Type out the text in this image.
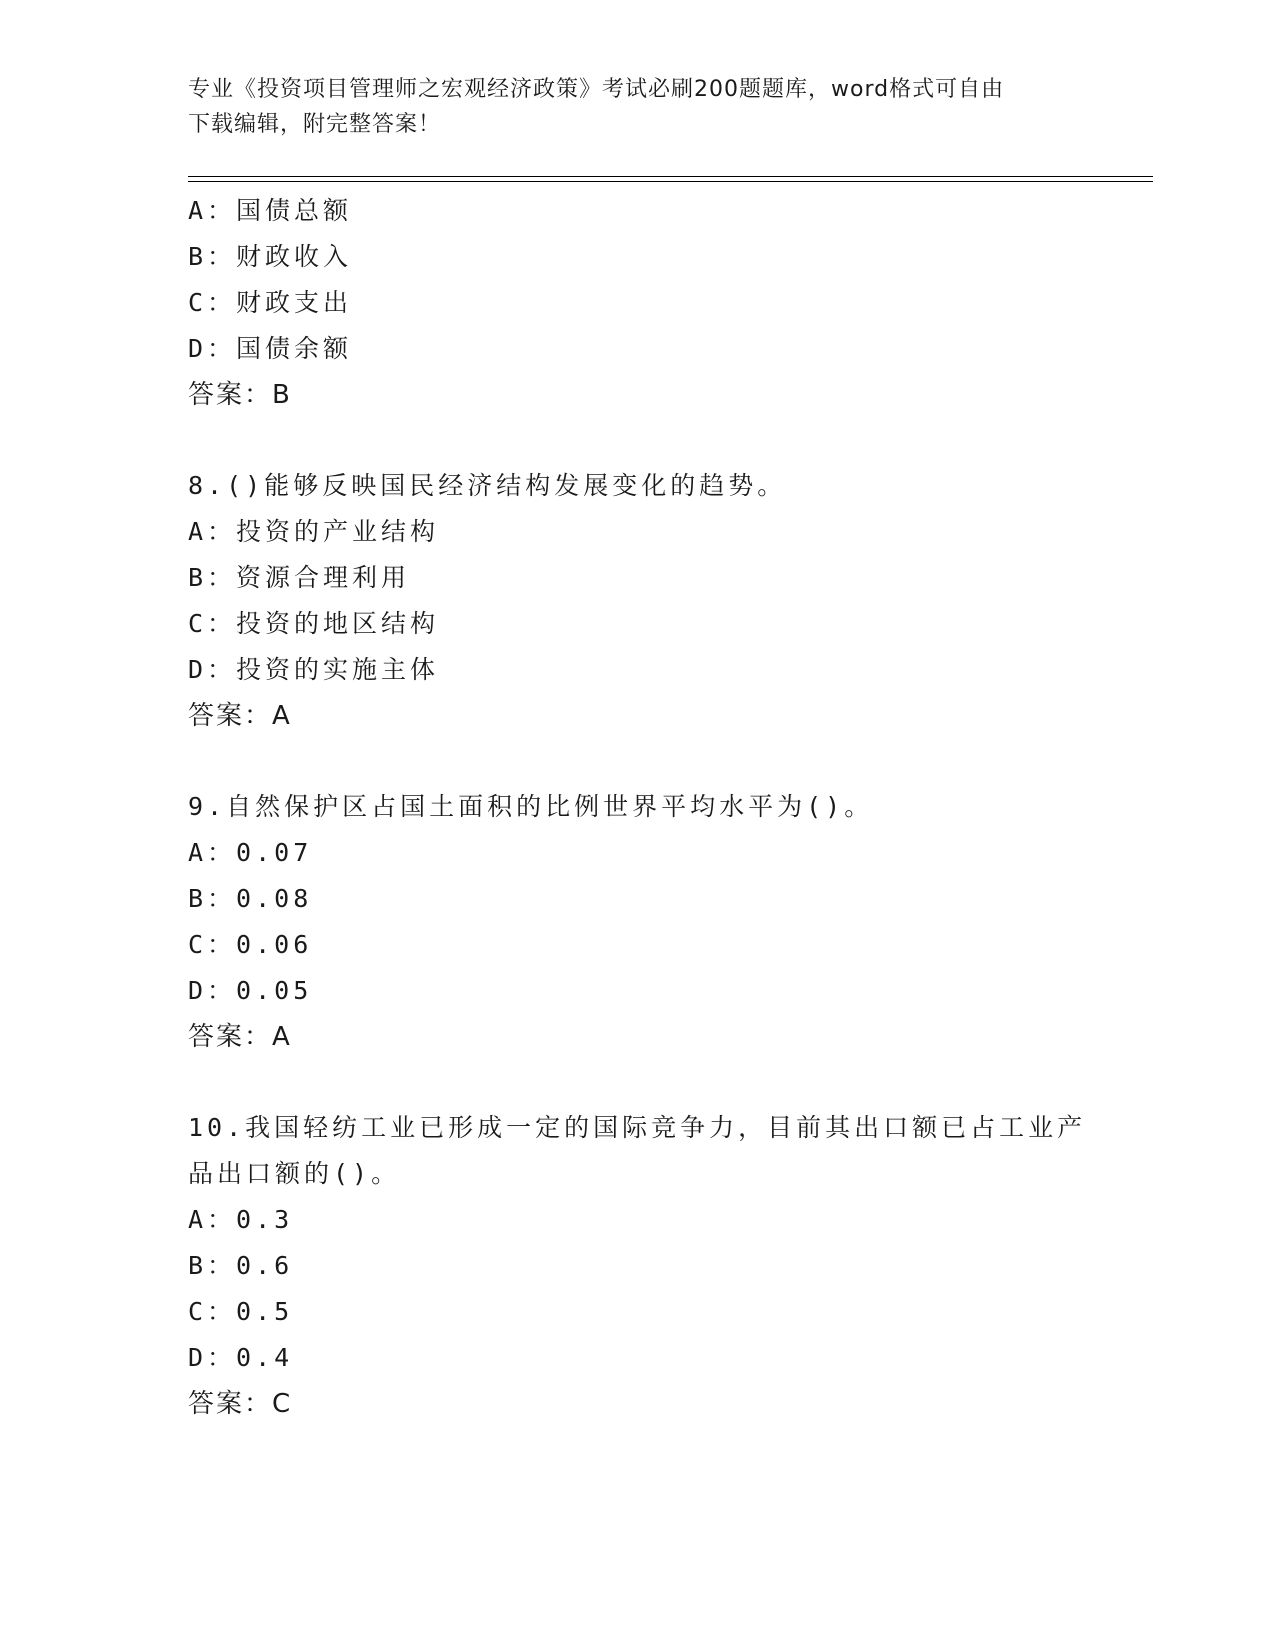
专业《投资项目管理师之宏观经济政策》考试必刷200题题库，word格式可自由
下载编辑，附完整答案！
A：国债总额
B：财政收入
C：财政支出
D：国债余额
答案：B
8.()能够反映国民经济结构发展变化的趋势。
A：投资的产业结构
B：资源合理利用
C：投资的地区结构
D：投资的实施主体
答案：A
9.自然保护区占国土面积的比例世界平均水平为()。
A：0.07
B：0.08
C：0.06
D：0.05
答案：A
10.我国轻纺工业已形成一定的国际竞争力，目前其出口额已占工业产
品出口额的()。
A：0.3
B：0.6
C：0.5
D：0.4
答案：C
